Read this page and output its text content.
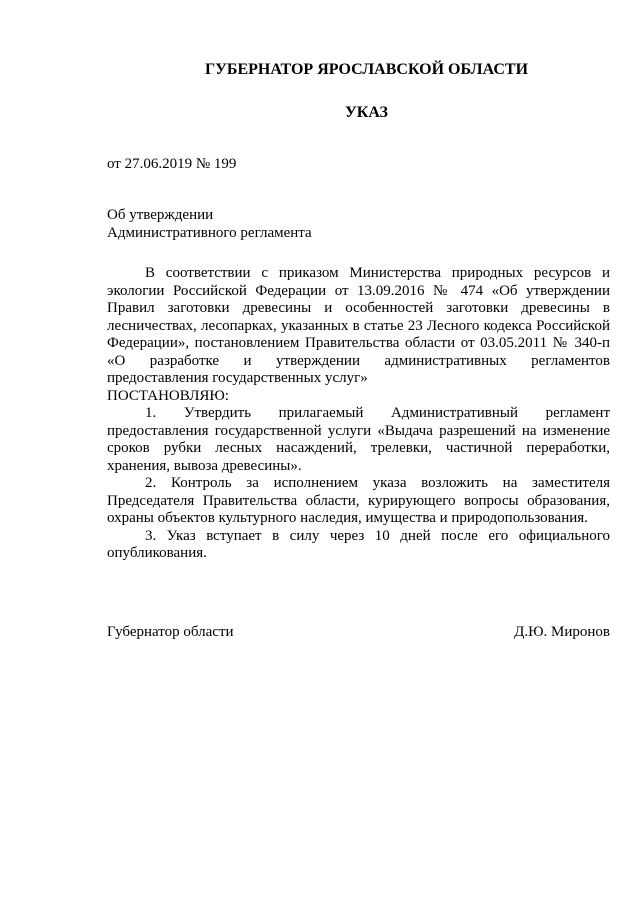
ГУБЕРНАТОР ЯРОСЛАВСКОЙ ОБЛАСТИ
УКАЗ
от 27.06.2019 № 199
Об утверждении
Административного регламента

В соответствии с приказом Министерства природных ресурсов и экологии Российской Федерации от 13.09.2016 № 474 «Об утверждении Правил заготовки древесины и особенностей заготовки древесины в лесничествах, лесопарках, указанных в статье 23 Лесного кодекса Российской Федерации», постановлением Правительства области от 03.05.2011 № 340-п «О разработке и утверждении административных регламентов предоставления государственных услуг»

ПОСТАНОВЛЯЮ:

1. Утвердить прилагаемый Административный регламент предоставления государственной услуги «Выдача разрешений на изменение сроков рубки лесных насаждений, трелевки, частичной переработки, хранения, вывоза древесины».

2. Контроль за исполнением указа возложить на заместителя Председателя Правительства области, курирующего вопросы образования, охраны объектов культурного наследия, имущества и природопользования.

3. Указ вступает в силу через 10 дней после его официального опубликования.

Губернатор области	Д.Ю. Миронов
